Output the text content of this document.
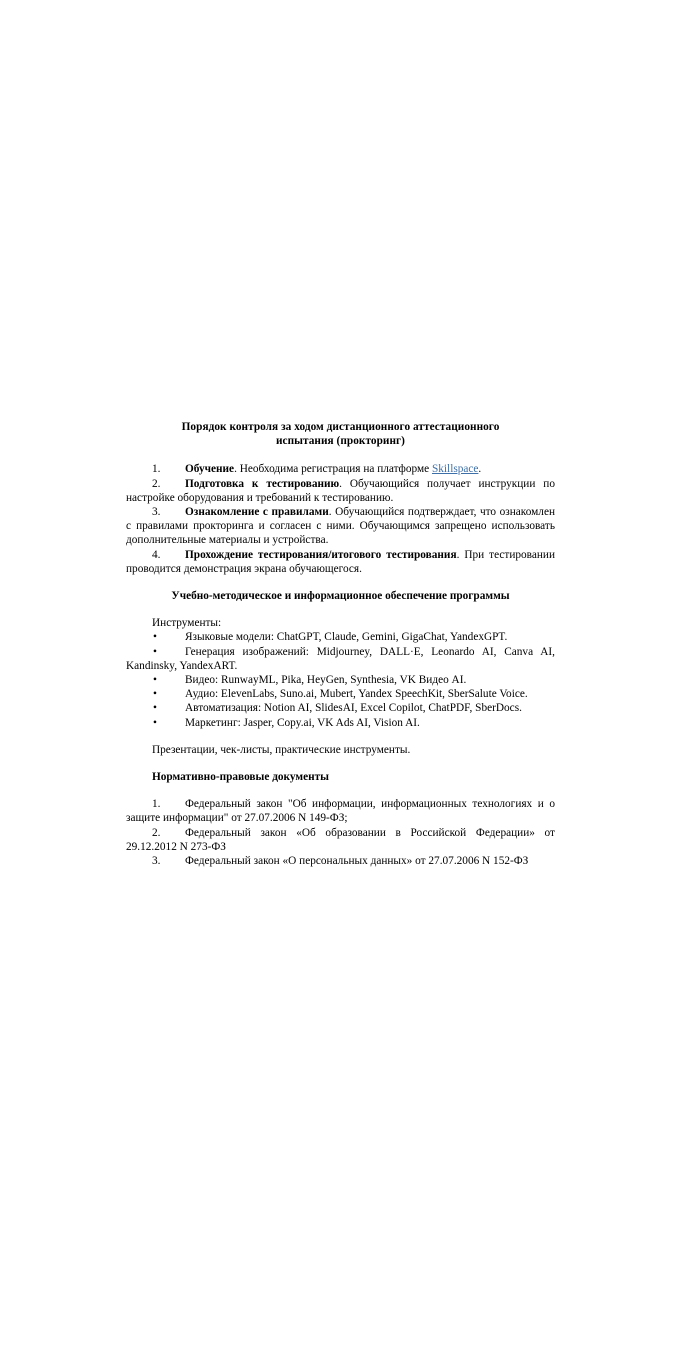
Порядок контроля за ходом дистанционного аттестационного
испытания (прокторинг)

1. Обучение. Необходима регистрация на платформе Skillspace.

2. Подготовка к тестированию. Обучающийся получает инструкции по настройке оборудования и требований к тестированию.

3. Ознакомление с правилами. Обучающийся подтверждает, что ознакомлен с правилами прокторинга и согласен с ними. Обучающимся запрещено использовать дополнительные материалы и устройства.

4. Прохождение тестирования/итогового тестирования. При тестировании проводится демонстрация экрана обучающегося.

Учебно-методическое и информационное обеспечение программы

Инструменты:

• Языковые модели: ChatGPT, Claude, Gemini, GigaChat, YandexGPT.

• Генерация изображений: Midjourney, DALL·E, Leonardo AI, Canva AI, Kandinsky, YandexART.

• Видео: RunwayML, Pika, HeyGen, Synthesia, VK Видео AI.

• Аудио: ElevenLabs, Suno.ai, Mubert, Yandex SpeechKit, SberSalute Voice.

• Автоматизация: Notion AI, SlidesAI, Excel Copilot, ChatPDF, SberDocs.

• Маркетинг: Jasper, Copy.ai, VK Ads AI, Vision AI.

Презентации, чек-листы, практические инструменты.

Нормативно-правовые документы

1. Федеральный закон "Об информации, информационных технологиях и о защите информации" от 27.07.2006 N 149-ФЗ;

2. Федеральный закон «Об образовании в Российской Федерации» от 29.12.2012 N 273-ФЗ

3. Федеральный закон «О персональных данных» от 27.07.2006 N 152-ФЗ
